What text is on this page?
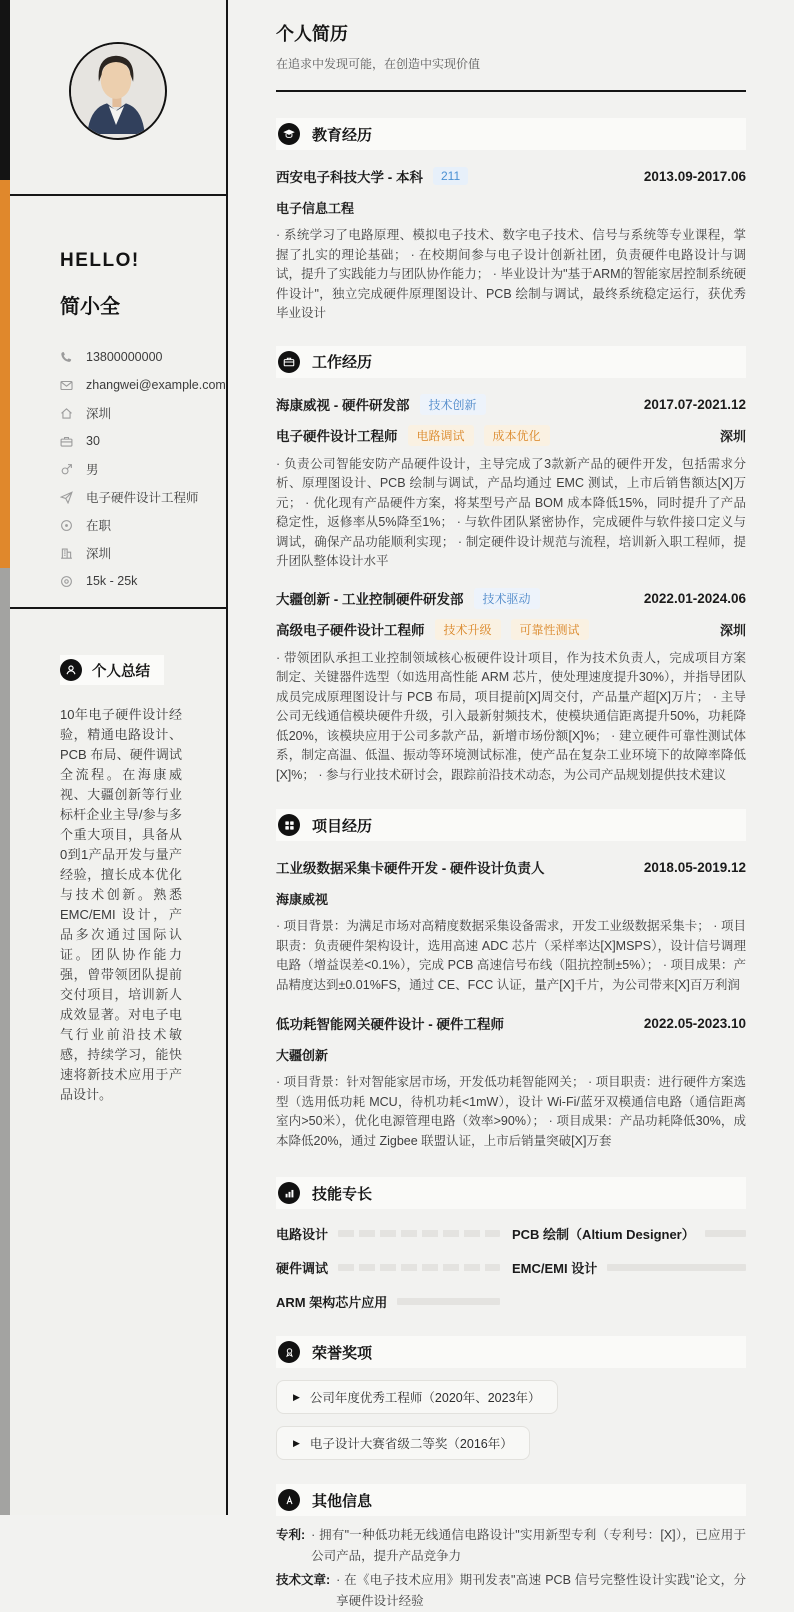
HELLO!
简小全
13800000000
zhangwei@example.com
深圳
30
男
电子硬件设计工程师
在职
深圳
15k - 25k
个人总结
10年电子硬件设计经验，精通电路设计、PCB 布局、硬件调试全流程。在海康威视、大疆创新等行业标杆企业主导/参与多个重大项目，具备从0到1产品开发与量产经验，擅长成本优化与技术创新。熟悉 EMC/EMI 设计，产品多次通过国际认证。团队协作能力强，曾带领团队提前交付项目，培训新人成效显著。对电子电气行业前沿技术敏感，持续学习，能快速将新技术应用于产品设计。
个人简历
在追求中发现可能，在创造中实现价值
教育经历
西安电子科技大学 - 本科	211	2013.09-2017.06
电子信息工程
· 系统学习了电路原理、模拟电子技术、数字电子技术、信号与系统等专业课程，掌握了扎实的理论基础； · 在校期间参与电子设计创新社团，负责硬件电路设计与调试，提升了实践能力与团队协作能力； · 毕业设计为"基于ARM的智能家居控制系统硬件设计"，独立完成硬件原理图设计、PCB 绘制与调试，最终系统稳定运行，获优秀毕业设计
工作经历
海康威视 - 硬件研发部	技术创新	2017.07-2021.12
电子硬件设计工程师	电路调试	成本优化	深圳
· 负责公司智能安防产品硬件设计，主导完成了3款新产品的硬件开发，包括需求分析、原理图设计、PCB 绘制与调试，产品均通过 EMC 测试，上市后销售额达[X]万元； · 优化现有产品硬件方案，将某型号产品 BOM 成本降低15%，同时提升了产品稳定性，返修率从5%降至1%； · 与软件团队紧密协作，完成硬件与软件接口定义与调试，确保产品功能顺利实现； · 制定硬件设计规范与流程，培训新入职工程师，提升团队整体设计水平
大疆创新 - 工业控制硬件研发部	技术驱动	2022.01-2024.06
高级电子硬件设计工程师	技术升级	可靠性测试	深圳
· 带领团队承担工业控制领域核心板硬件设计项目，作为技术负责人，完成项目方案制定、关键器件选型（如选用高性能 ARM 芯片，使处理速度提升30%），并指导团队成员完成原理图设计与 PCB 布局，项目提前[X]周交付，产品量产超[X]万片； · 主导公司无线通信模块硬件升级，引入最新射频技术，使模块通信距离提升50%，功耗降低20%，该模块应用于公司多款产品，新增市场份额[X]%； · 建立硬件可靠性测试体系，制定高温、低温、振动等环境测试标准，使产品在复杂工业环境下的故障率降低[X]%； · 参与行业技术研讨会，跟踪前沿技术动态，为公司产品规划提供技术建议
项目经历
工业级数据采集卡硬件开发 - 硬件设计负责人	2018.05-2019.12
海康威视
· 项目背景：为满足市场对高精度数据采集设备需求，开发工业级数据采集卡； · 项目职责：负责硬件架构设计，选用高速 ADC 芯片（采样率达[X]MSPS），设计信号调理电路（增益误差<0.1%），完成 PCB 高速信号布线（阻抗控制±5%）； · 项目成果：产品精度达到±0.01%FS，通过 CE、FCC 认证，量产[X]千片，为公司带来[X]百万利润
低功耗智能网关硬件设计 - 硬件工程师	2022.05-2023.10
大疆创新
· 项目背景：针对智能家居市场，开发低功耗智能网关； · 项目职责：进行硬件方案选型（选用低功耗 MCU，待机功耗<1mW），设计 Wi-Fi/蓝牙双模通信电路（通信距离室内>50米），优化电源管理电路（效率>90%）； · 项目成果：产品功耗降低30%，成本降低20%，通过 Zigbee 联盟认证，上市后销量突破[X]万套
技能专长
电路设计	PCB 绘制（Altium Designer）
硬件调试	EMC/EMI 设计
ARM 架构芯片应用
荣誉奖项
▶ 公司年度优秀工程师（2020年、2023年）
▶ 电子设计大赛省级二等奖（2016年）
其他信息
专利: · 拥有"一种低功耗无线通信电路设计"实用新型专利（专利号：[X]），已应用于公司产品，提升产品竞争力
技术文章: · 在《电子技术应用》期刊发表"高速 PCB 信号完整性设计实践"论文，分享硬件设计经验
